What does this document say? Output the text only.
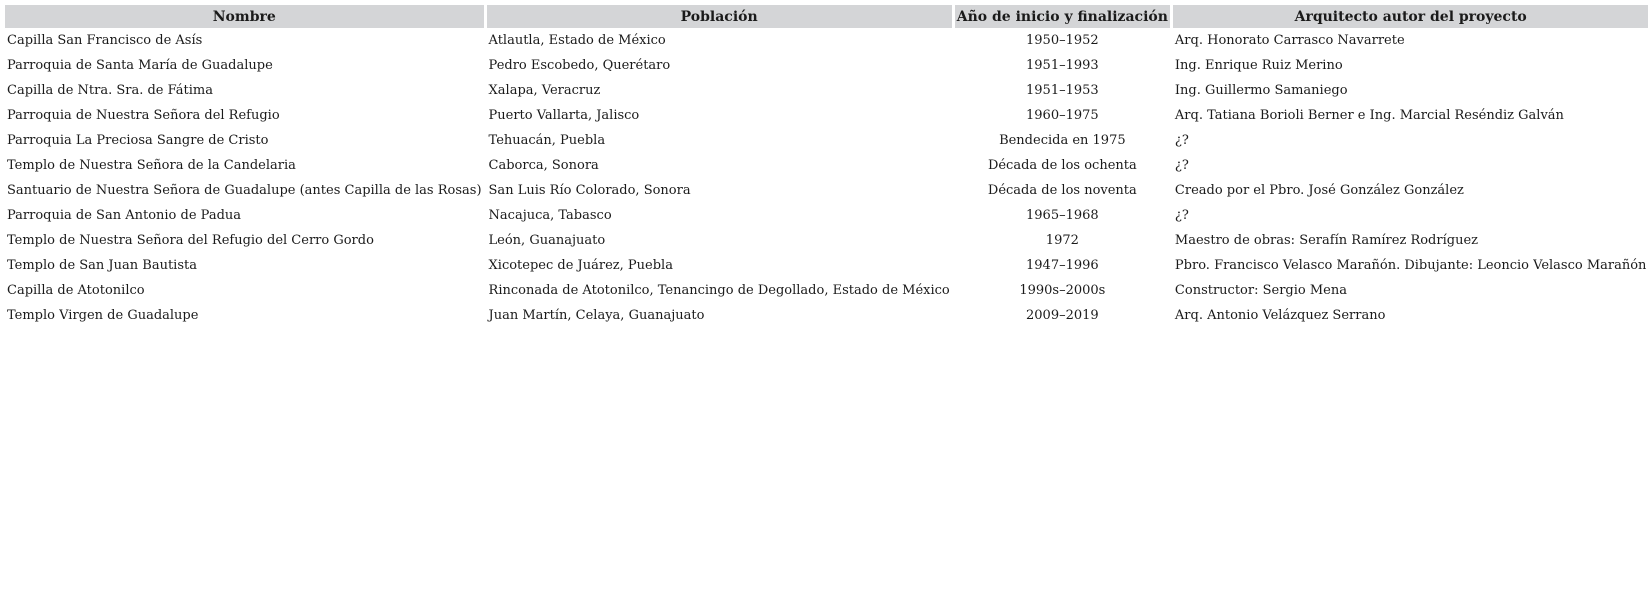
Nombre	Población	Año de inicio y finalización	Arquitecto autor del proyecto
Capilla San Francisco de Asís	Atlautla, Estado de México	1950–1952	Arq. Honorato Carrasco Navarrete
Parroquia de Santa María de Guadalupe	Pedro Escobedo, Querétaro	1951–1993	Ing. Enrique Ruiz Merino
Capilla de Ntra. Sra. de Fátima	Xalapa, Veracruz	1951–1953	Ing. Guillermo Samaniego
Parroquia de Nuestra Señora del Refugio	Puerto Vallarta, Jalisco	1960–1975	Arq. Tatiana Borioli Berner e Ing. Marcial Reséndiz Galván
Parroquia La Preciosa Sangre de Cristo	Tehuacán, Puebla	Bendecida en 1975	¿?
Templo de Nuestra Señora de la Candelaria	Caborca, Sonora	Década de los ochenta	¿?
Santuario de Nuestra Señora de Guadalupe (antes Capilla de las Rosas)	San Luis Río Colorado, Sonora	Década de los noventa	Creado por el Pbro. José González González
Parroquia de San Antonio de Padua	Nacajuca, Tabasco	1965–1968	¿?
Templo de Nuestra Señora del Refugio del Cerro Gordo	León, Guanajuato	1972	Maestro de obras: Serafín Ramírez Rodríguez
Templo de San Juan Bautista	Xicotepec de Juárez, Puebla	1947–1996	Pbro. Francisco Velasco Marañón. Dibujante: Leoncio Velasco Marañón
Capilla de Atotonilco	Rinconada de Atotonilco, Tenancingo de Degollado, Estado de México	1990s–2000s	Constructor: Sergio Mena
Templo Virgen de Guadalupe	Juan Martín, Celaya, Guanajuato	2009–2019	Arq. Antonio Velázquez Serrano
